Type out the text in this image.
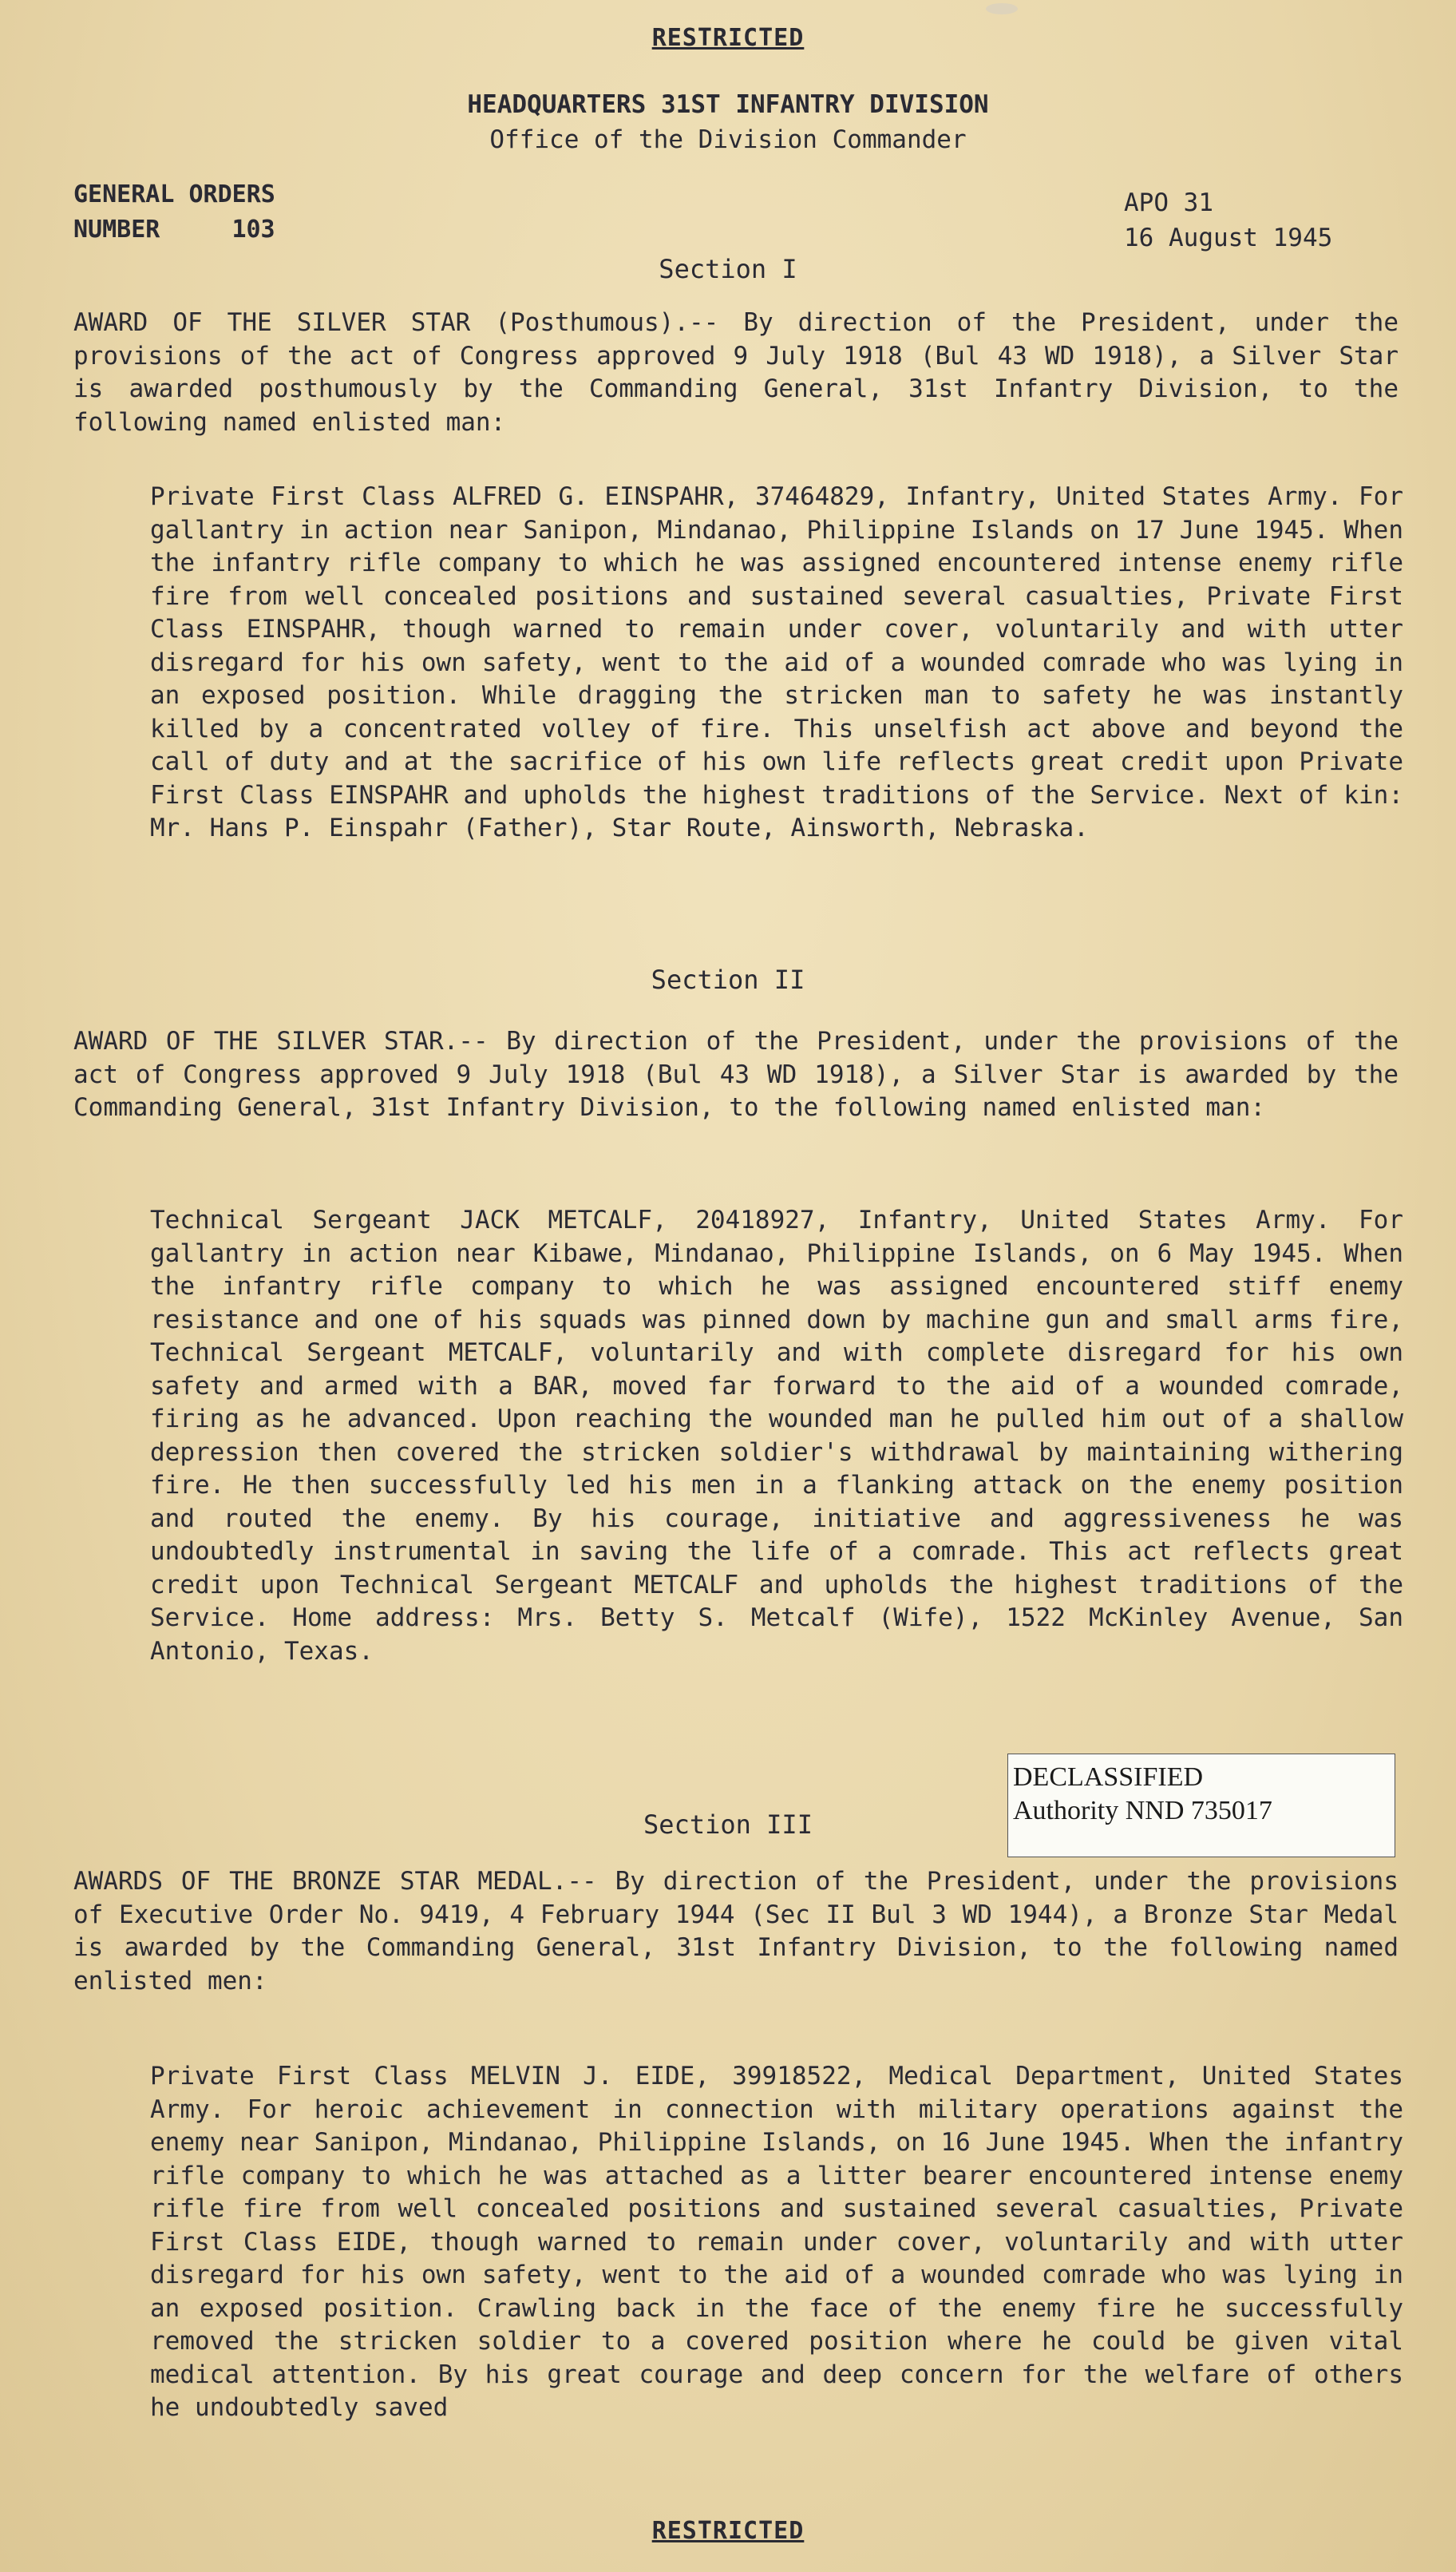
RESTRICTED
HEADQUARTERS 31ST INFANTRY DIVISION
Office of the Division Commander
GENERAL ORDERS
NUMBER	103
APO 31
16 August 1945
Section I

AWARD OF THE SILVER STAR (Posthumous).-- By direction of the President, under the provisions of the act of Congress approved 9 July 1918 (Bul 43 WD 1918), a Silver Star is awarded posthumously by the Commanding General, 31st Infantry Division, to the following named enlisted man:

Private First Class ALFRED G. EINSPAHR, 37464829, Infantry, United States Army. For gallantry in action near Sanipon, Mindanao, Philippine Islands on 17 June 1945. When the infantry rifle company to which he was assigned encountered intense enemy rifle fire from well concealed positions and sustained several casualties, Private First Class EINSPAHR, though warned to remain under cover, voluntarily and with utter disregard for his own safety, went to the aid of a wounded comrade who was lying in an exposed position. While dragging the stricken man to safety he was instantly killed by a concentrated volley of fire. This unselfish act above and beyond the call of duty and at the sacrifice of his own life reflects great credit upon Private First Class EINSPAHR and upholds the highest traditions of the Service. Next of kin: Mr. Hans P. Einspahr (Father), Star Route, Ainsworth, Nebraska.

Section II

AWARD OF THE SILVER STAR.-- By direction of the President, under the provisions of the act of Congress approved 9 July 1918 (Bul 43 WD 1918), a Silver Star is awarded by the Commanding General, 31st Infantry Division, to the following named enlisted man:

Technical Sergeant JACK METCALF, 20418927, Infantry, United States Army. For gallantry in action near Kibawe, Mindanao, Philippine Islands, on 6 May 1945. When the infantry rifle company to which he was assigned encountered stiff enemy resistance and one of his squads was pinned down by machine gun and small arms fire, Technical Sergeant METCALF, voluntarily and with complete disregard for his own safety and armed with a BAR, moved far forward to the aid of a wounded comrade, firing as he advanced. Upon reaching the wounded man he pulled him out of a shallow depression then covered the stricken soldier's withdrawal by maintaining withering fire. He then successfully led his men in a flanking attack on the enemy position and routed the enemy. By his courage, initiative and aggressiveness he was undoubtedly instrumental in saving the life of a comrade. This act reflects great credit upon Technical Sergeant METCALF and upholds the highest traditions of the Service. Home address: Mrs. Betty S. Metcalf (Wife), 1522 McKinley Avenue, San Antonio, Texas.

DECLASSIFIED
Authority NND 735017
Section III

AWARDS OF THE BRONZE STAR MEDAL.-- By direction of the President, under the provisions of Executive Order No. 9419, 4 February 1944 (Sec II Bul 3 WD 1944), a Bronze Star Medal is awarded by the Commanding General, 31st Infantry Division, to the following named enlisted men:

Private First Class MELVIN J. EIDE, 39918522, Medical Department, United States Army. For heroic achievement in connection with military operations against the enemy near Sanipon, Mindanao, Philippine Islands, on 16 June 1945. When the infantry rifle company to which he was attached as a litter bearer encountered intense enemy rifle fire from well concealed positions and sustained several casualties, Private First Class EIDE, though warned to remain under cover, voluntarily and with utter disregard for his own safety, went to the aid of a wounded comrade who was lying in an exposed position. Crawling back in the face of the enemy fire he successfully removed the stricken soldier to a covered position where he could be given vital medical attention. By his great courage and deep concern for the welfare of others he undoubtedly saved

RESTRICTED
